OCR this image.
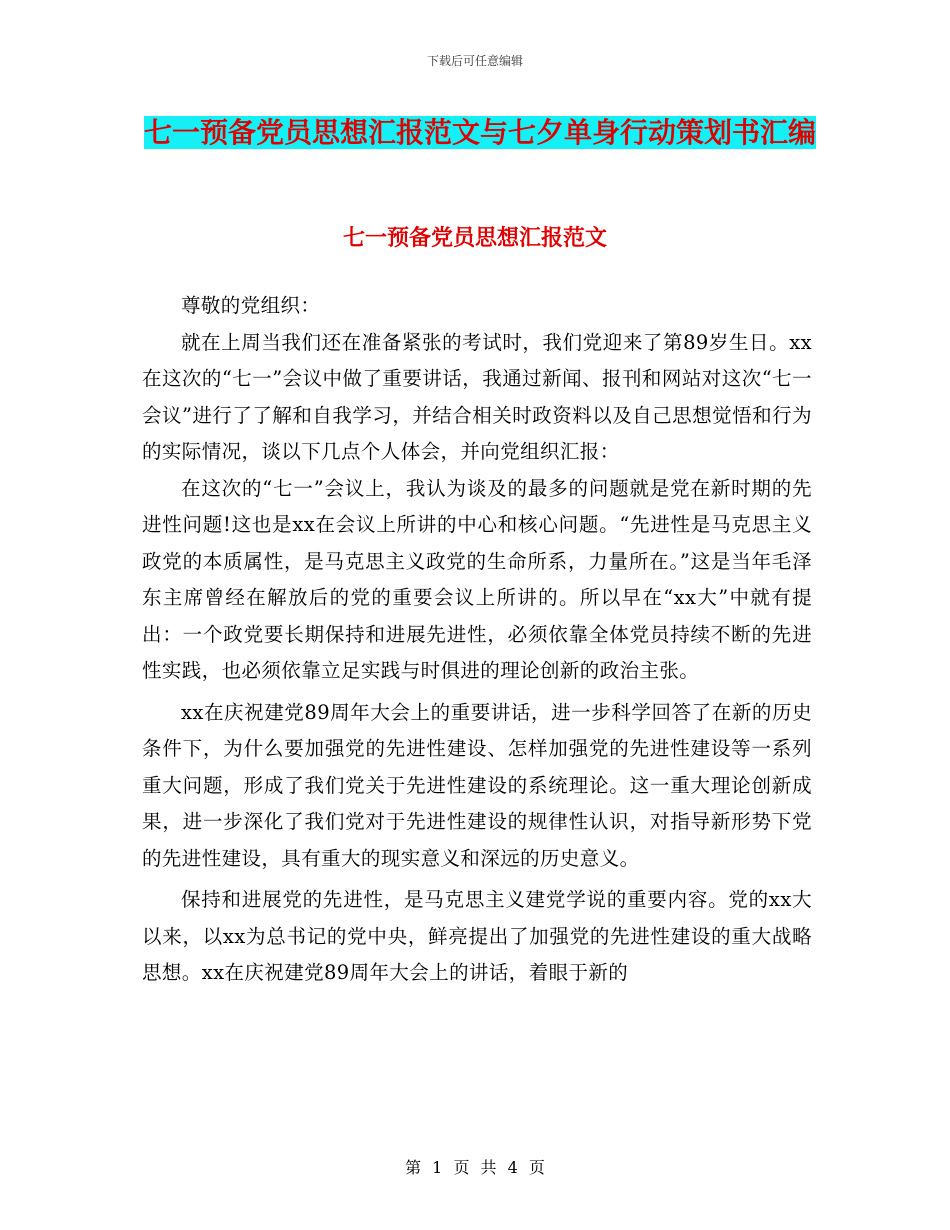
下载后可任意编辑
七一预备党员思想汇报范文与七夕单身行动策划书汇编
七一预备党员思想汇报范文

尊敬的党组织：

就在上周当我们还在准备紧张的考试时，我们党迎来了第89岁生日。xx在这次的“七一”会议中做了重要讲话，我通过新闻、报刊和网站对这次“七一会议”进行了了解和自我学习，并结合相关时政资料以及自己思想觉悟和行为的实际情况，谈以下几点个人体会，并向党组织汇报：

在这次的“七一”会议上，我认为谈及的最多的问题就是党在新时期的先进性问题!这也是xx在会议上所讲的中心和核心问题。“先进性是马克思主义政党的本质属性，是马克思主义政党的生命所系，力量所在。”这是当年毛泽东主席曾经在解放后的党的重要会议上所讲的。所以早在“xx大”中就有提出：一个政党要长期保持和进展先进性，必须依靠全体党员持续不断的先进性实践，也必须依靠立足实践与时俱进的理论创新的政治主张。

xx在庆祝建党89周年大会上的重要讲话，进一步科学回答了在新的历史条件下，为什么要加强党的先进性建设、怎样加强党的先进性建设等一系列重大问题，形成了我们党关于先进性建设的系统理论。这一重大理论创新成果，进一步深化了我们党对于先进性建设的规律性认识，对指导新形势下党的先进性建设，具有重大的现实意义和深远的历史意义。

保持和进展党的先进性，是马克思主义建党学说的重要内容。党的xx大以来，以xx为总书记的党中央，鲜亮提出了加强党的先进性建设的重大战略思想。xx在庆祝建党89周年大会上的讲话，着眼于新的

第 1 页 共 4 页
